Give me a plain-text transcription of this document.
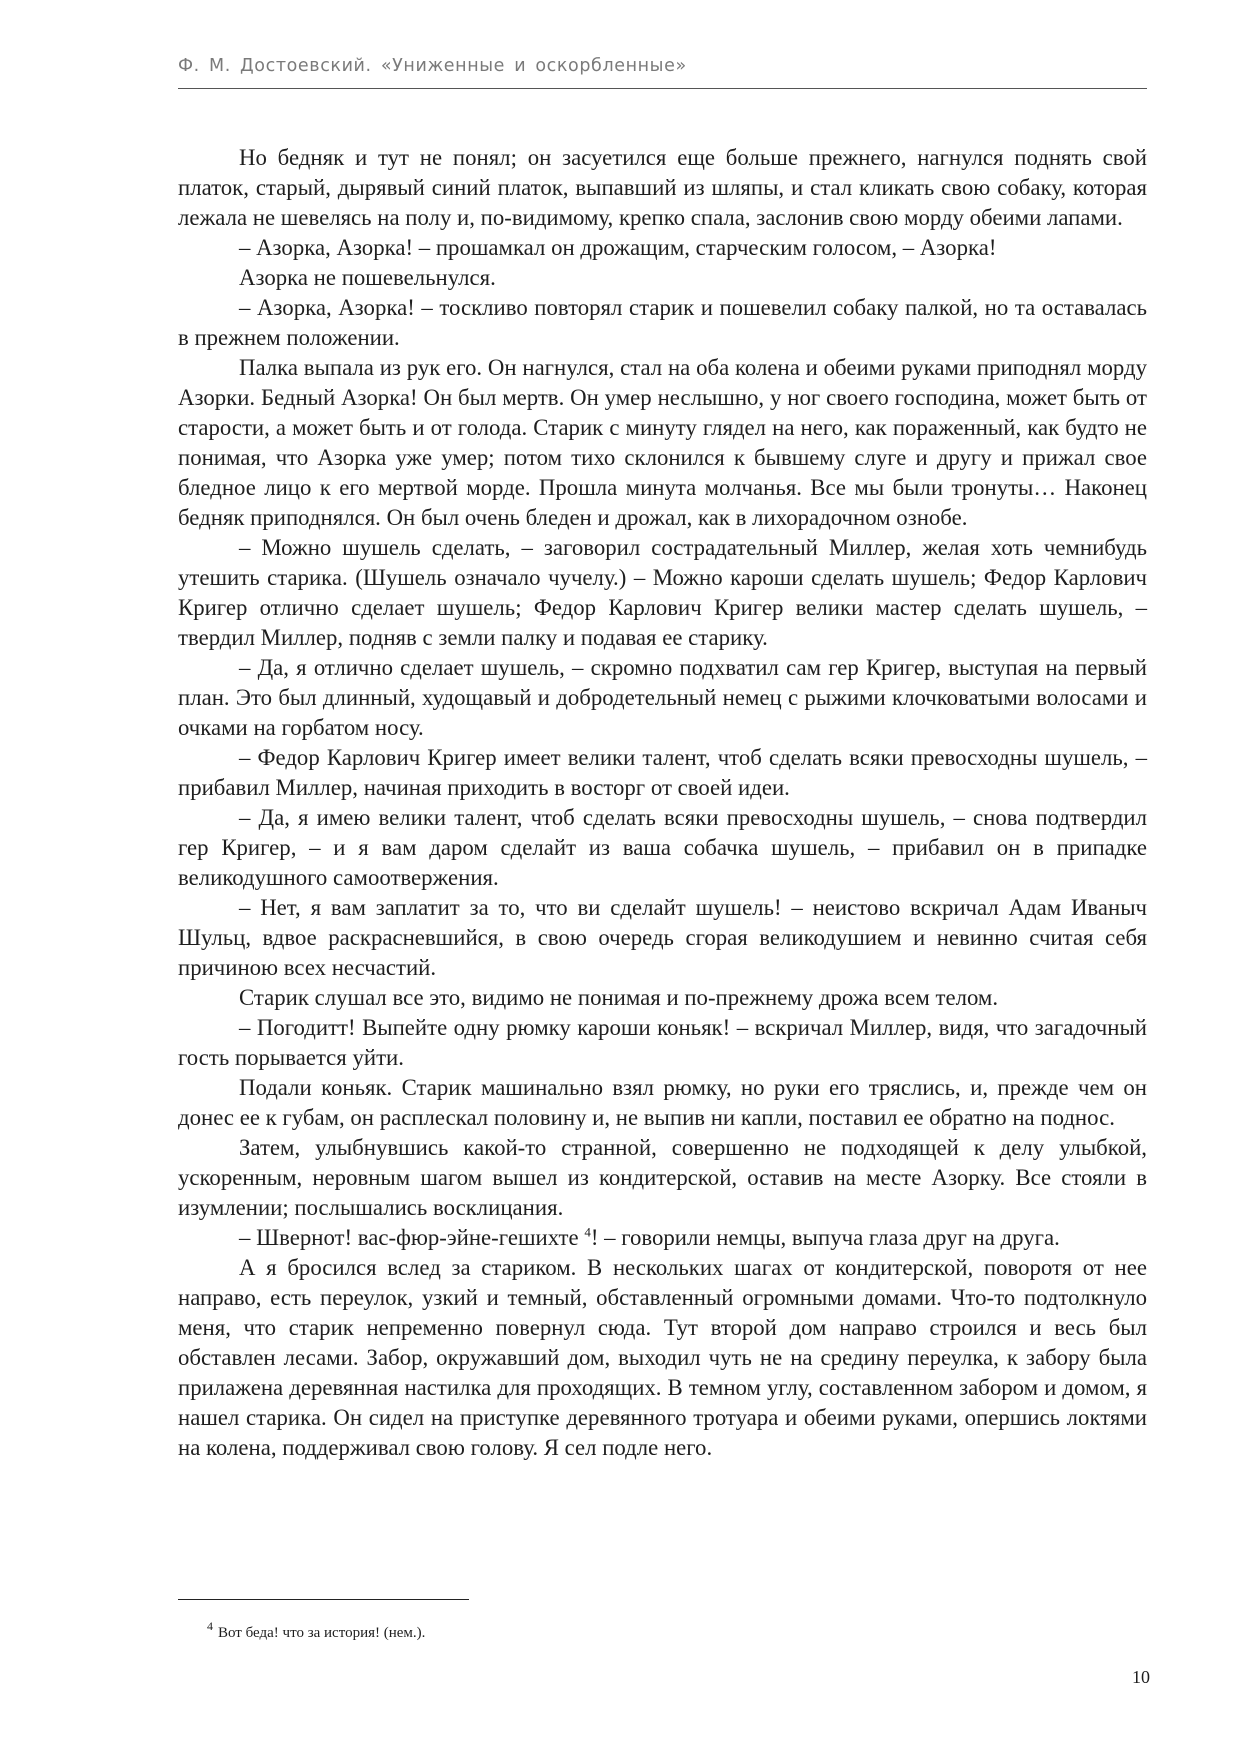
Ф. М. Достоевский. «Униженные и оскорбленные»

Но бедняк и тут не понял; он засуетился еще больше прежнего, нагнулся поднять свой платок, старый, дырявый синий платок, выпавший из шляпы, и стал кликать свою собаку, которая лежала не шевелясь на полу и, по-видимому, крепко спала, заслонив свою морду обеими лапами.

– Азорка, Азорка! – прошамкал он дрожащим, старческим голосом, – Азорка!

Азорка не пошевельнулся.

– Азорка, Азорка! – тоскливо повторял старик и пошевелил собаку палкой, но та оставалась в прежнем положении.

Палка выпала из рук его. Он нагнулся, стал на оба колена и обеими руками приподнял морду Азорки. Бедный Азорка! Он был мертв. Он умер неслышно, у ног своего господина, может быть от старости, а может быть и от голода. Старик с минуту глядел на него, как пораженный, как будто не понимая, что Азорка уже умер; потом тихо склонился к бывшему слуге и другу и прижал свое бледное лицо к его мертвой морде. Прошла минута молчанья. Все мы были тронуты… Наконец бедняк приподнялся. Он был очень бледен и дрожал, как в лихорадочном ознобе.

– Можно шушель сделать, – заговорил сострадательный Миллер, желая хоть чемнибудь утешить старика. (Шушель означало чучелу.) – Можно кароши сделать шушель; Федор Карлович Кригер отлично сделает шушель; Федор Карлович Кригер велики мастер сделать шушель, – твердил Миллер, подняв с земли палку и подавая ее старику.

– Да, я отлично сделает шушель, – скромно подхватил сам гер Кригер, выступая на первый план. Это был длинный, худощавый и добродетельный немец с рыжими клочковатыми волосами и очками на горбатом носу.

– Федор Карлович Кригер имеет велики талент, чтоб сделать всяки превосходны шушель, – прибавил Миллер, начиная приходить в восторг от своей идеи.

– Да, я имею велики талент, чтоб сделать всяки превосходны шушель, – снова подтвердил гер Кригер, – и я вам даром сделайт из ваша собачка шушель, – прибавил он в припадке великодушного самоотвержения.

– Нет, я вам заплатит за то, что ви сделайт шушель! – неистово вскричал Адам Иваныч Шульц, вдвое раскрасневшийся, в свою очередь сгорая великодушием и невинно считая себя причиною всех несчастий.

Старик слушал все это, видимо не понимая и по-прежнему дрожа всем телом.

– Погодитт! Выпейте одну рюмку кароши коньяк! – вскричал Миллер, видя, что загадочный гость порывается уйти.

Подали коньяк. Старик машинально взял рюмку, но руки его тряслись, и, прежде чем он донес ее к губам, он расплескал половину и, не выпив ни капли, поставил ее обратно на поднос.

Затем, улыбнувшись какой-то странной, совершенно не подходящей к делу улыбкой, ускоренным, неровным шагом вышел из кондитерской, оставив на месте Азорку. Все стояли в изумлении; послышались восклицания.

– Швернот! вас-фюр-эйне-гешихте $^4$! – говорили немцы, выпуча глаза друг на друга.

А я бросился вслед за стариком. В нескольких шагах от кондитерской, поворотя от нее направо, есть переулок, узкий и темный, обставленный огромными домами. Что-то подтолкнуло меня, что старик непременно повернул сюда. Тут второй дом направо строился и весь был обставлен лесами. Забор, окружавший дом, выходил чуть не на средину переулка, к забору была прилажена деревянная настилка для проходящих. В темном углу, составленном забором и домом, я нашел старика. Он сидел на приступке деревянного тротуара и обеими руками, опершись локтями на колена, поддерживал свою голову. Я сел подле него.

$^4$ Вот беда! что за история! (нем.).
10
